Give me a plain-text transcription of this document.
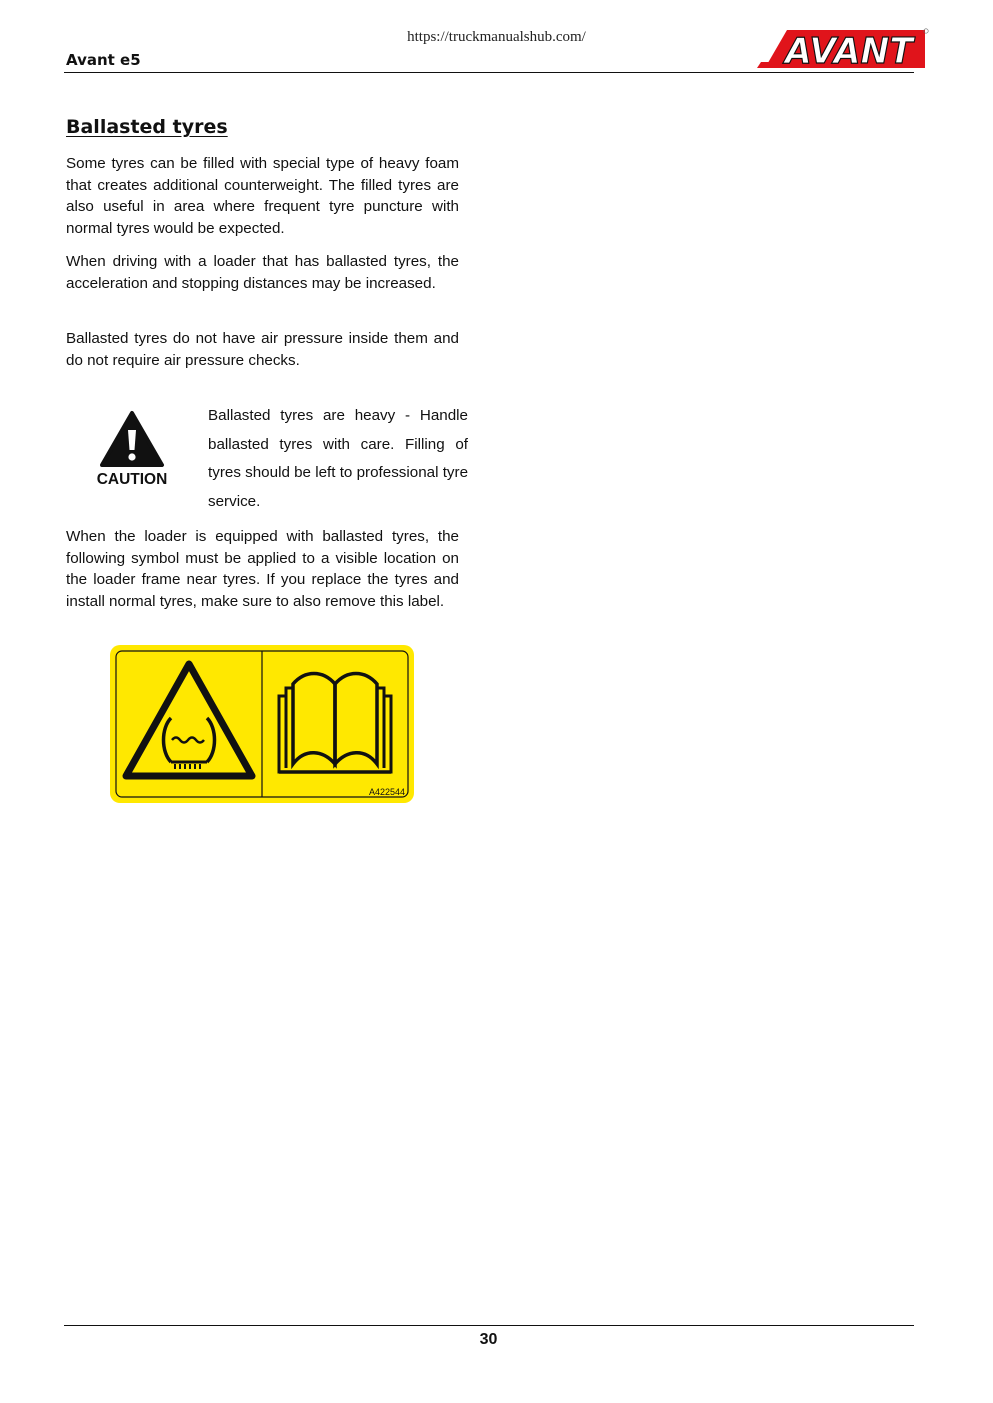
https://truckmanualshub.com/
Avant e5	AVANT
Ballasted tyres

Some tyres can be filled with special type of heavy foam that creates additional counterweight. The filled tyres are also useful in area where frequent tyre puncture with normal tyres would be expected.

When driving with a loader that has ballasted tyres, the acceleration and stopping distances may be increased.

Ballasted tyres do not have air pressure inside them and do not require air pressure checks.

CAUTION

Ballasted tyres are heavy - Handle ballasted tyres with care. Filling of tyres should be left to professional tyre service.

When the loader is equipped with ballasted tyres, the following symbol must be applied to a visible location on the loader frame near tyres. If you replace the tyres and install normal tyres, make sure to also remove this label.

A422544
30
